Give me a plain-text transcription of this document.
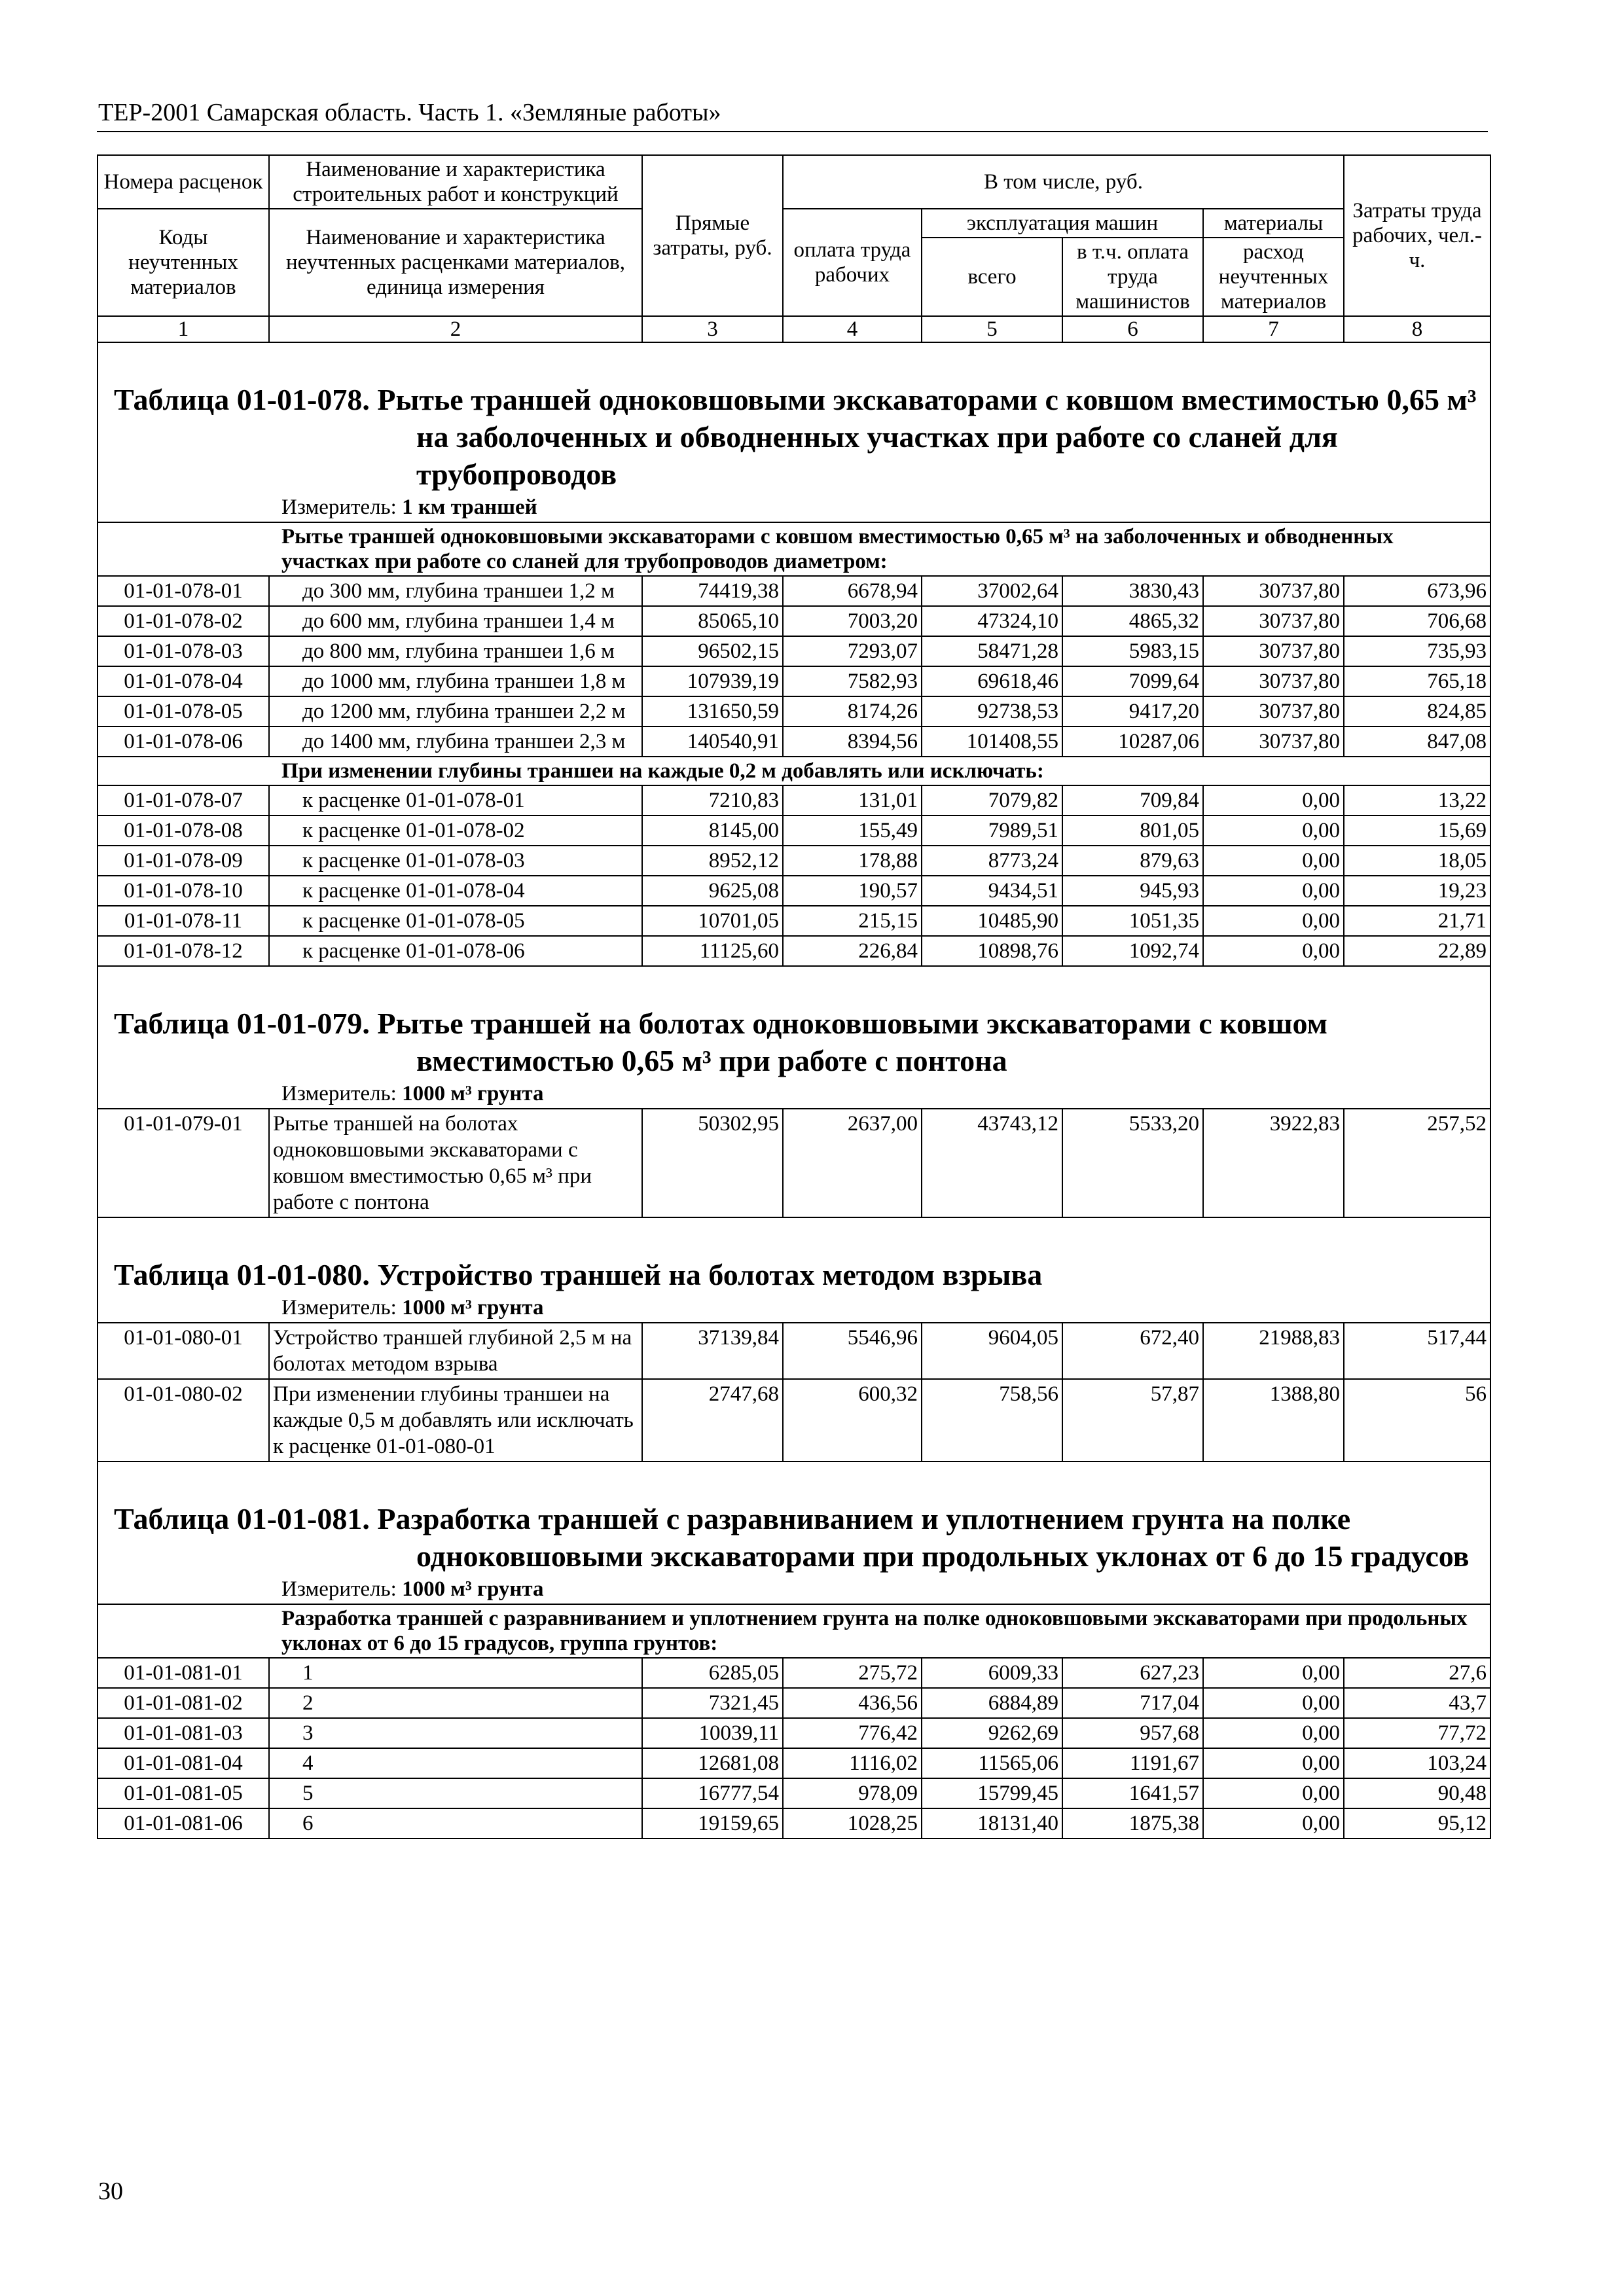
ТЕР-2001 Самарская область. Часть 1. «Земляные работы»
Номера расценок	Наименование и характеристика строительных работ и конструкций	Прямые затраты, руб.	В том числе, руб.				Затраты труда рабочих, чел.-ч.
Коды неучтенных материалов	Наименование и характеристика неучтенных расценками материалов, единица измерения		оплата труда рабочих	эксплуатация машин		материалы	
				всего	в т.ч. оплата труда машинистов	расход неучтенных материалов	
1	2	3	4	5	6	7	8

Таблица 01-01-078. Рытье траншей одноковшовыми экскаваторами с ковшом вместимостью 0,65 м³ на заболоченных и обводненных участках при работе со сланей для трубопроводов							

Измеритель: 1 км траншей							
Рытье траншей одноковшовыми экскаваторами с ковшом вместимостью 0,65 м³ на заболоченных и обводненных участках при работе со сланей для трубопроводов диаметром:							
01-01-078-01	до 300 мм, глубина траншеи 1,2 м	74419,38	6678,94	37002,64	3830,43	30737,80	673,96
01-01-078-02	до 600 мм, глубина траншеи 1,4 м	85065,10	7003,20	47324,10	4865,32	30737,80	706,68
01-01-078-03	до 800 мм, глубина траншеи 1,6 м	96502,15	7293,07	58471,28	5983,15	30737,80	735,93
01-01-078-04	до 1000 мм, глубина траншеи 1,8 м	107939,19	7582,93	69618,46	7099,64	30737,80	765,18
01-01-078-05	до 1200 мм, глубина траншеи 2,2 м	131650,59	8174,26	92738,53	9417,20	30737,80	824,85
01-01-078-06	до 1400 мм, глубина траншеи 2,3 м	140540,91	8394,56	101408,55	10287,06	30737,80	847,08
При изменении глубины траншеи на каждые 0,2 м добавлять или исключать:							
01-01-078-07	к расценке 01-01-078-01	7210,83	131,01	7079,82	709,84	0,00	13,22
01-01-078-08	к расценке 01-01-078-02	8145,00	155,49	7989,51	801,05	0,00	15,69
01-01-078-09	к расценке 01-01-078-03	8952,12	178,88	8773,24	879,63	0,00	18,05
01-01-078-10	к расценке 01-01-078-04	9625,08	190,57	9434,51	945,93	0,00	19,23
01-01-078-11	к расценке 01-01-078-05	10701,05	215,15	10485,90	1051,35	0,00	21,71
01-01-078-12	к расценке 01-01-078-06	11125,60	226,84	10898,76	1092,74	0,00	22,89

Таблица 01-01-079. Рытье траншей на болотах одноковшовыми экскаваторами с ковшом вместимостью 0,65 м³ при работе с понтона							

Измеритель: 1000 м³ грунта							
01-01-079-01	Рытье траншей на болотах одноковшовыми экскаваторами с ковшом вместимостью 0,65 м³ при работе с понтона	50302,95	2637,00	43743,12	5533,20	3922,83	257,52

Таблица 01-01-080. Устройство траншей на болотах методом взрыва							

Измеритель: 1000 м³ грунта							
01-01-080-01	Устройство траншей глубиной 2,5 м на болотах методом взрыва	37139,84	5546,96	9604,05	672,40	21988,83	517,44
01-01-080-02	При изменении глубины траншеи на каждые 0,5 м добавлять или исключать к расценке 01-01-080-01	2747,68	600,32	758,56	57,87	1388,80	56

Таблица 01-01-081. Разработка траншей с разравниванием и уплотнением грунта на полке одноковшовыми экскаваторами при продольных уклонах от 6 до 15 градусов							

Измеритель: 1000 м³ грунта							
Разработка траншей с разравниванием и уплотнением грунта на полке одноковшовыми экскаваторами при продольных уклонах от 6 до 15 градусов, группа грунтов:							
01-01-081-01	1	6285,05	275,72	6009,33	627,23	0,00	27,6
01-01-081-02	2	7321,45	436,56	6884,89	717,04	0,00	43,7
01-01-081-03	3	10039,11	776,42	9262,69	957,68	0,00	77,72
01-01-081-04	4	12681,08	1116,02	11565,06	1191,67	0,00	103,24
01-01-081-05	5	16777,54	978,09	15799,45	1641,57	0,00	90,48
01-01-081-06	6	19159,65	1028,25	18131,40	1875,38	0,00	95,12
30
